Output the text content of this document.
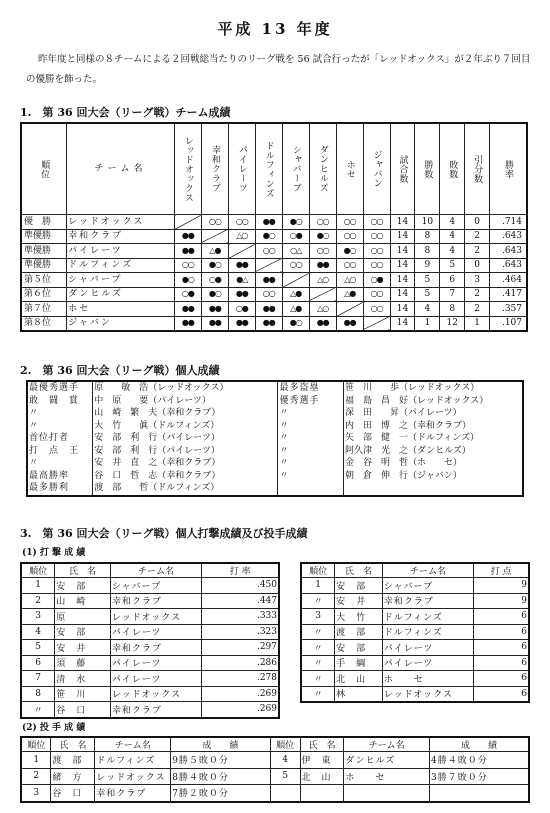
平成 13 年度

昨年度と同様の８チームによる２回戦総当たりのリーグ戦を 56 試合行ったが「レッドオックス」が２年ぶり７回目の優勝を飾った。

1.　第 36 回大会（リーグ戦）チーム成績

順位	チーム名	レッドオックス	幸和クラブ	パイレーツ	ドルフィンズ	シャバーブ	ダンヒルズ	ホセ	ジャバン	試合数	勝数	敗数	引分数	勝率
優　勝	レッドオックス		○○	○○	●●	●○	○○	○○	○○	14	10	4	0	.714
準優勝	幸和クラブ	●●		△○	●○	○●	●○	○○	○○	14	8	4	2	.643
準優勝	パイレーツ	●●	△●		○○	○△	○○	●○	○○	14	8	4	2	.643
準優勝	ドルフィンズ	○○	●○	●●		○○	●●	○○	○○	14	9	5	0	.643
第５位	シャバーブ	●○	○●	●△	●●		△○	△○	○●	14	5	6	3	.464
第６位	ダンヒルズ	○●	●○	●●	○○	△●		△●	○○	14	5	7	2	.417
第７位	ホセ	●●	●●	○●	●●	△●	△○		○○	14	4	8	2	.357
第８位	ジャバン	●●	●●	●●	●●	●○	●●	●●		14	1	12	1	.107

2.　第 36 回大会（リーグ戦）個人成績

最優秀選手	原　　敏　浩（レッドオックス）	最多盗塁	笹　川　　歩（レッドオックス）
敢　闘　賞	中　原　　要（パイレーツ）	優秀選手	福　島　昌　好（レッドオックス）
〃	山　崎　繁　夫（幸和クラブ）	〃	深　田　　昇（パイレーツ）
〃	大　竹　　眞（ドルフィンズ）	〃	内　田　博　之（幸和クラブ）
首位打者	安　部　利　行（パイレーツ）	〃	矢　部　健　一（ドルフィンズ）
打　点　王	安　部　利　行（パイレーツ）	〃	阿久津　光　之（ダンヒルズ）
〃	安　井　直　之（幸和クラブ）	〃	金　谷　明　哲（ホ　　セ）
最高勝率	谷　口　哲　志（幸和クラブ）	〃	朝　倉　伸　行（ジャバン）
最多勝利	渡　部　　哲（ドルフィンズ）		

3.　第 36 回大会（リーグ戦）個人打撃成績及び投手成績

(1) 打 撃 成 績

順位	氏　名	チーム名	打 率
1	安　部	シャバーブ	.450
2	山　崎	幸和クラブ	.447
3	原	レッドオックス	.333
4	安　部	パイレーツ	.323
5	安　井	幸和クラブ	.297
6	須　藤	パイレーツ	.286
7	清　水	パイレーツ	.278
8	笹　川	レッドオックス	.269
〃	谷　口	幸和クラブ	.269
順位	氏　名	チーム名	打 点
1	安　部	シャバーブ	9
〃	安　井	幸和クラブ	9
3	大　竹	ドルフィンズ	6
〃	渡　部	ドルフィンズ	6
〃	安　部	パイレーツ	6
〃	手　綱	パイレーツ	6
〃	北　山	ホ　　セ	6
〃	林	レッドオックス	6

(2) 投 手 成 績

順位	氏　名	チーム名	成　　績	順位	氏　名	チーム名	成　　績
1	渡　部	ドルフィンズ	9勝５敗０分	4	伊　東	ダンヒルズ	4勝４敗０分
2	緒　方	レッドオックス	8勝４敗０分	5	北　山	ホ　　セ	3勝７敗０分
3	谷　口	幸和クラブ	7勝２敗０分				
